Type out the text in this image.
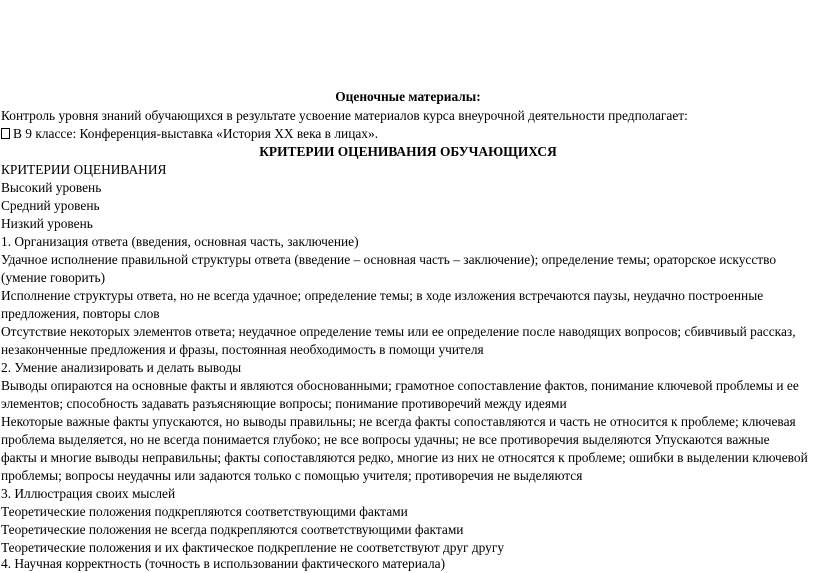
Оценочные материалы:
Контроль уровня знаний обучающихся в результате усвоение материалов курса внеурочной деятельности предполагает:
В 9 классе: Конференция-выставка «История XX века в лицах».
КРИТЕРИИ ОЦЕНИВАНИЯ ОБУЧАЮЩИХСЯ
КРИТЕРИИ ОЦЕНИВАНИЯ
Высокий уровень
Средний уровень
Низкий уровень
1. Организация ответа (введения, основная часть, заключение)
Удачное исполнение правильной структуры ответа (введение – основная часть – заключение); определение темы; ораторское искусство
(умение говорить)
Исполнение структуры ответа, но не всегда удачное; определение темы; в ходе изложения встречаются паузы, неудачно построенные
предложения, повторы слов
Отсутствие некоторых элементов ответа; неудачное определение темы или ее определение после наводящих вопросов; сбивчивый рассказ,
незаконченные предложения и фразы, постоянная необходимость в помощи учителя
2. Умение анализировать и делать выводы
Выводы опираются на основные факты и являются обоснованными; грамотное сопоставление фактов, понимание ключевой проблемы и ее
элементов; способность задавать разъясняющие вопросы; понимание противоречий между идеями
Некоторые важные факты упускаются, но выводы правильны; не всегда факты сопоставляются и часть не относится к проблеме; ключевая
проблема выделяется, но не всегда понимается глубоко; не все вопросы удачны; не все противоречия выделяются Упускаются важные
факты и многие выводы неправильны; факты сопоставляются редко, многие из них не относятся к проблеме; ошибки в выделении ключевой
проблемы; вопросы неудачны или задаются только с помощью учителя; противоречия не выделяются
3. Иллюстрация своих мыслей
Теоретические положения подкрепляются соответствующими фактами
Теоретические положения не всегда подкрепляются соответствующими фактами
Теоретические положения и их фактическое подкрепление не соответствуют друг другу
4. Научная корректность (точность в использовании фактического материала)
